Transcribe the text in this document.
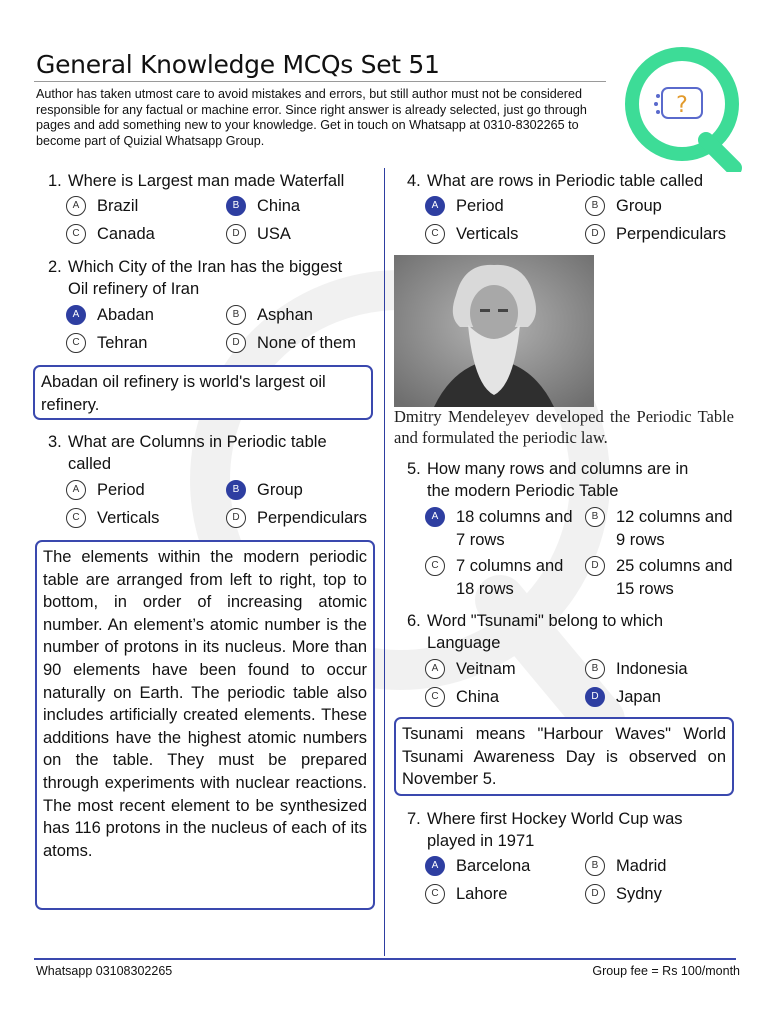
General Knowledge MCQs Set 51
Author has taken utmost care to avoid mistakes and errors, but still author must not be considered responsible for any factual or machine error. Since right answer is already selected, just go through pages and add something new to your knowledge. Get in touch on Whatsapp at 0310-8302265 to become part of Quizial Whatsapp Group.
?
1. Where is Largest man made Waterfall
A	Brazil	B	China
C	Canada	D	USA
2. Which City of the Iran has the biggest
Oil refinery of Iran
A	Abadan	B	Asphan
C	Tehran	D	None of them
Abadan oil refinery is world's largest oil refinery.
3. What are Columns in Periodic table
called
A	Period	B	Group
C	Verticals	D	Perpendiculars
The elements within the modern periodic table are arranged from left to right, top to bottom, in order of increasing atomic number. An element’s atomic number is the number of protons in its nucleus. More than 90 elements have been found to occur naturally on Earth. The periodic table also includes artificially created elements. These additions have the highest atomic numbers on the table. They must be prepared through experiments with nuclear reactions. The most recent element to be synthesized has 116 protons in the nucleus of each of its atoms.
4. What are rows in Periodic table called
A	Period	B	Group
C	Verticals	D	Perpendiculars
Dmitry Mendeleyev developed the Periodic Table and formulated the periodic law.
5. How many rows and columns are in
the modern Periodic Table
A	18 columns and 7 rows
B	12 columns and 9 rows
C	7 columns and 18 rows
D	25 columns and 15 rows
6. Word "Tsunami" belong to which
Language
A	Veitnam	B	Indonesia
C	China	D	Japan
Tsunami means "Harbour Waves" World Tsunami Awareness Day is observed on November 5.
7. Where first Hockey World Cup was
played in 1971
A	Barcelona	B	Madrid
C	Lahore	D	Sydny
Whatsapp 03108302265	Group fee = Rs 100/month
